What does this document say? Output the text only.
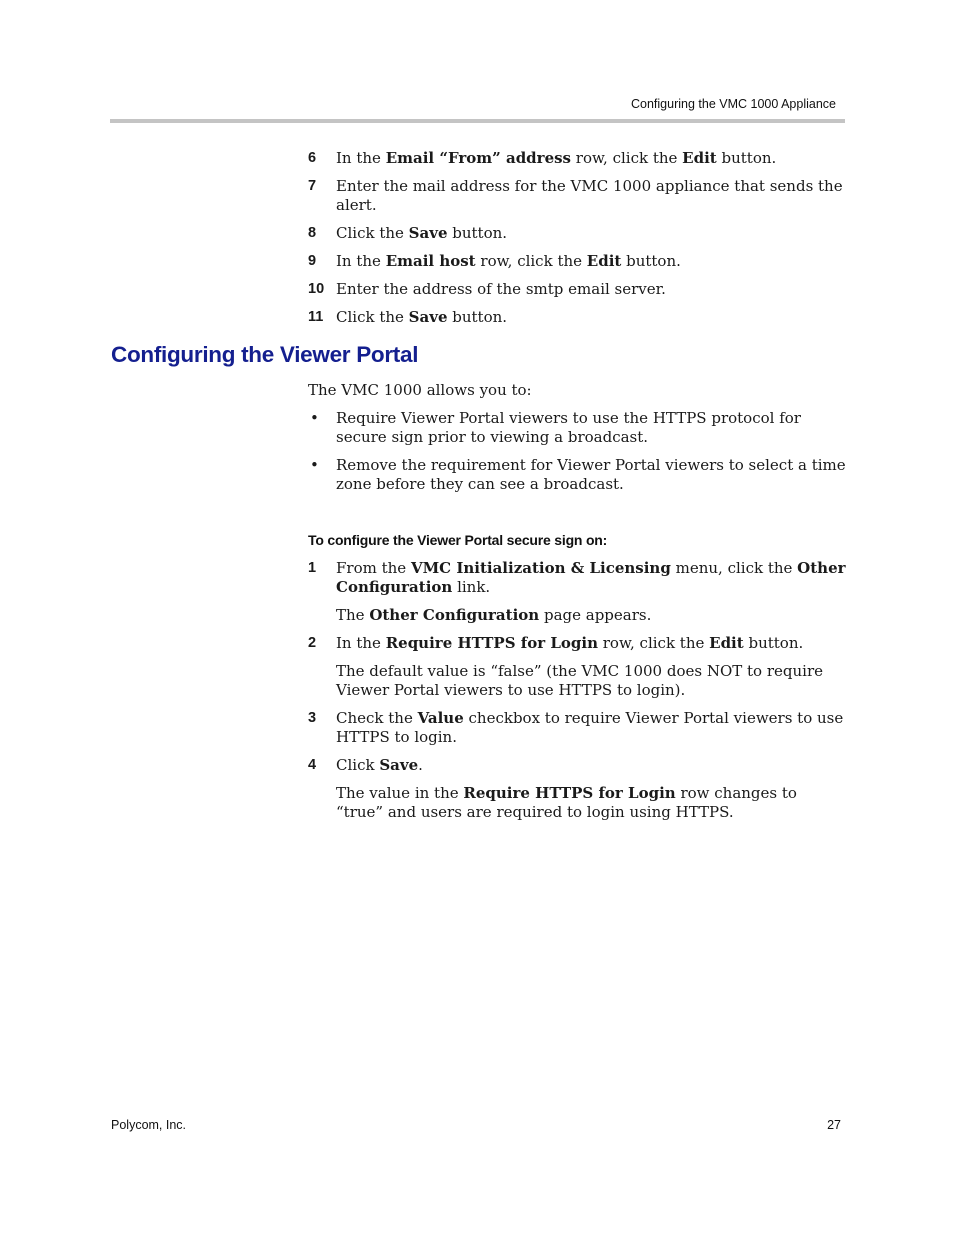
Configuring the VMC 1000 Appliance
6 In the Email “From” address row, click the Edit button.
7 Enter the mail address for the VMC 1000 appliance that sends the alert.
8 Click the Save button.
9 In the Email host row, click the Edit button.
10 Enter the address of the smtp email server.
11 Click the Save button.
Configuring the Viewer Portal
The VMC 1000 allows you to:
• Require Viewer Portal viewers to use the HTTPS protocol for secure sign prior to viewing a broadcast.
• Remove the requirement for Viewer Portal viewers to select a time zone before they can see a broadcast.
To configure the Viewer Portal secure sign on:
1 From the VMC Initialization & Licensing menu, click the Other Configuration link.
The Other Configuration page appears.
2 In the Require HTTPS for Login row, click the Edit button.
The default value is “false” (the VMC 1000 does NOT to require Viewer Portal viewers to use HTTPS to login).
3 Check the Value checkbox to require Viewer Portal viewers to use HTTPS to login.
4 Click Save.
The value in the Require HTTPS for Login row changes to “true” and users are required to login using HTTPS.
Polycom, Inc.	27
